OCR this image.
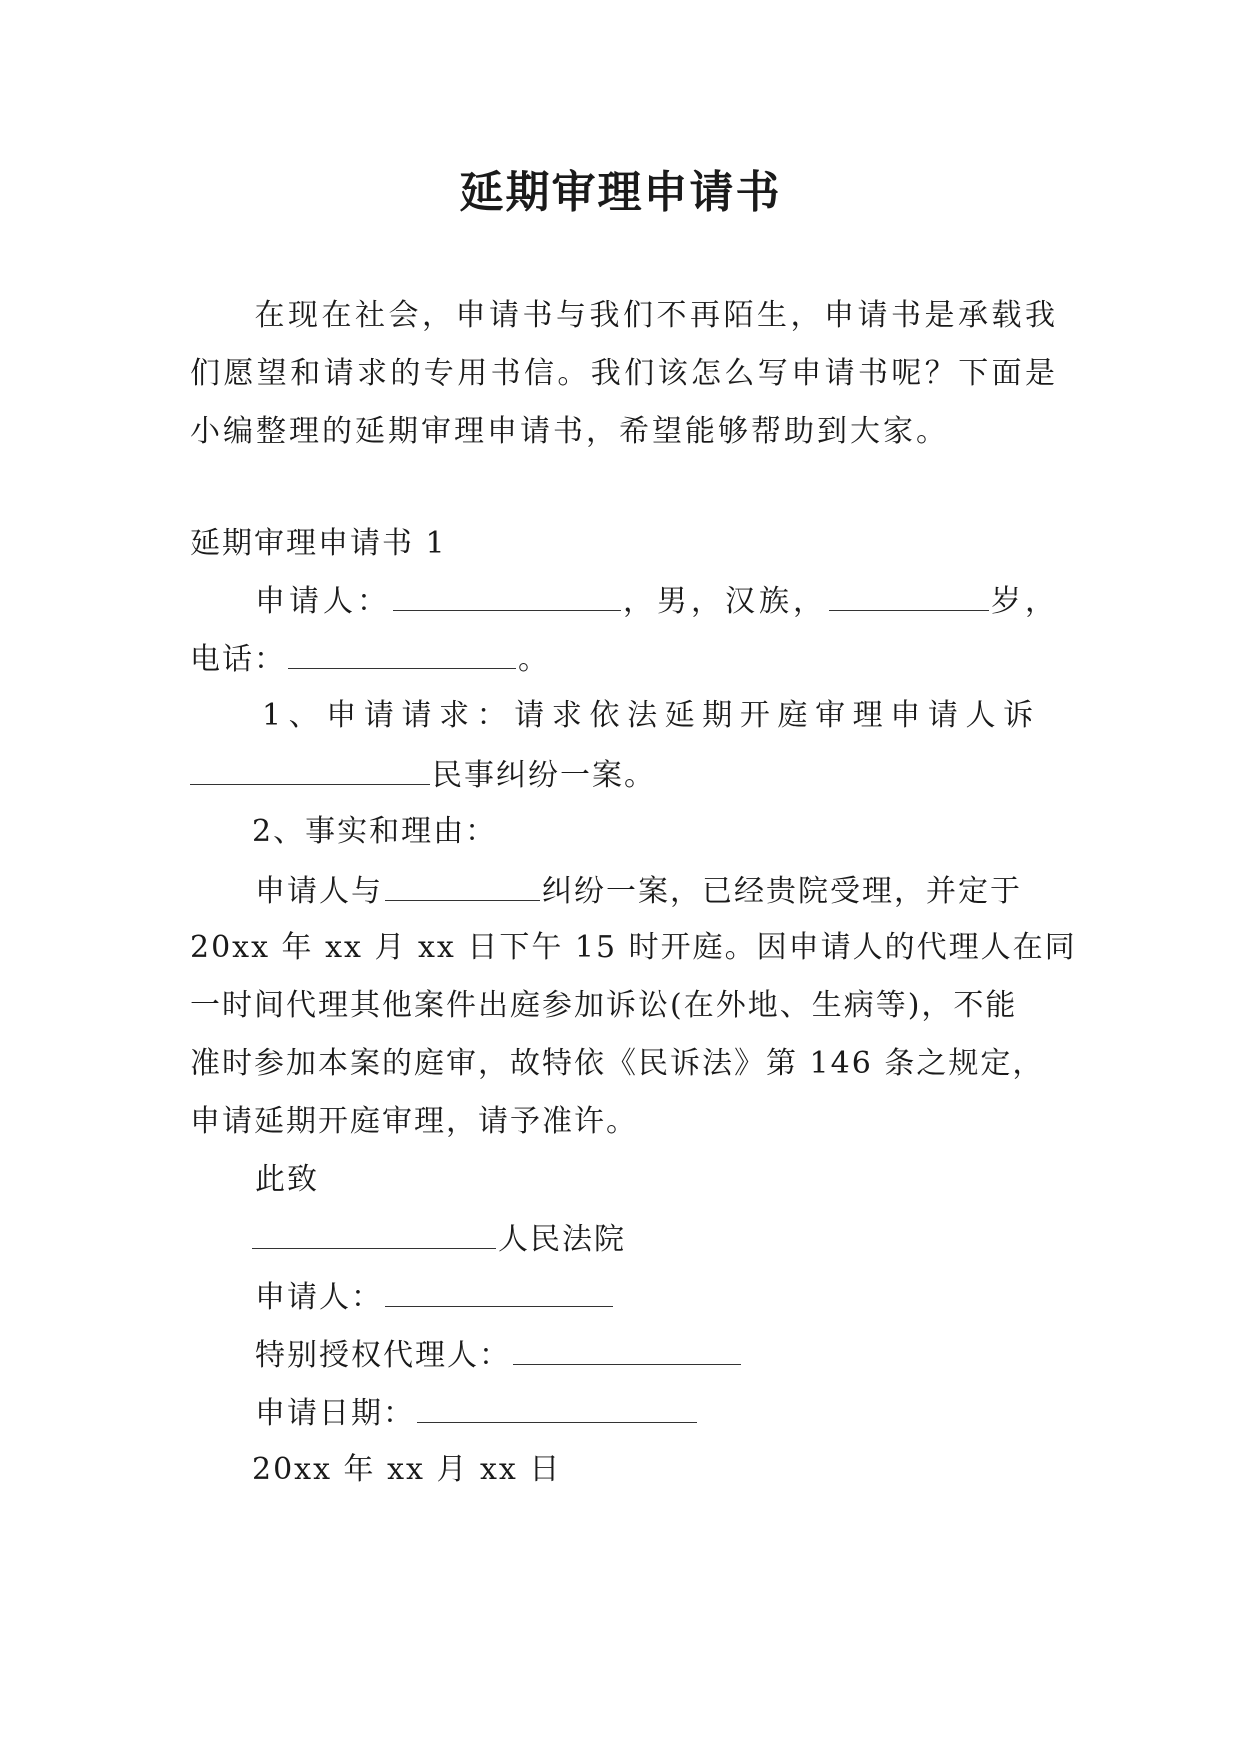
延期审理申请书
在现在社会，申请书与我们不再陌生，申请书是承载我们愿望和请求的专用书信。我们该怎么写申请书呢？下面是小编整理的延期审理申请书，希望能够帮助到大家。
延期审理申请书 1
申请人：	，男，汉族，	岁，
电话：	。
1、申请请求：请求依法延期开庭审理申请人诉
民事纠纷一案。
2、事实和理由：
申请人与	纠纷一案，已经贵院受理，并定于
20xx 年 xx 月 xx 日下午 15 时开庭。因申请人的代理人在同
一时间代理其他案件出庭参加诉讼(在外地、生病等)，不能
准时参加本案的庭审，故特依《民诉法》第 146 条之规定，
申请延期开庭审理，请予准许。
此致
人民法院
申请人：
特别授权代理人：
申请日期：
20xx 年 xx 月 xx 日
